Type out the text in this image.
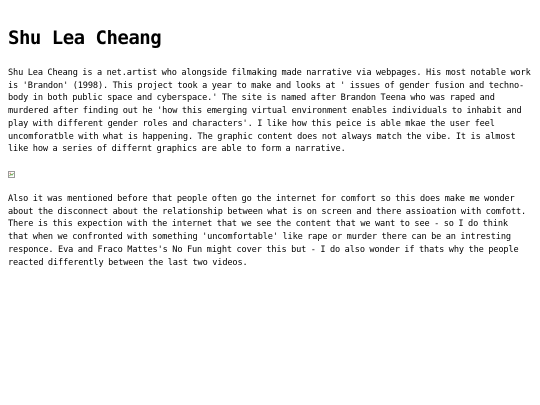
Shu Lea Cheang

Shu Lea Cheang is a net.artist who alongside filmaking made narrative via webpages. His most notable work is 'Brandon' (1998). This project took a year to make and looks at ' issues of gender fusion and techno-body in both public space and cyberspace.' The site is named after Brandon Teena who was raped and murdered after finding out he 'how this emerging virtual environment enables individuals to inhabit and play with different gender roles and characters'. I like how this peice is able mkae the user feel uncomforatble with what is happening. The graphic content does not always match the vibe. It is almost like how a series of differnt graphics are able to form a narrative.

Also it was mentioned before that people often go the internet for comfort so this does make me wonder about the disconnect about the relationship between what is on screen and there assioation with comfott. There is this expection with the internet that we see the content that we want to see - so I do think that when we confronted with something 'uncomfortable' like rape or murder there can be an intresting responce. Eva and Fraco Mattes's No Fun might cover this but - I do also wonder if thats why the people reacted differently between the last two videos.
